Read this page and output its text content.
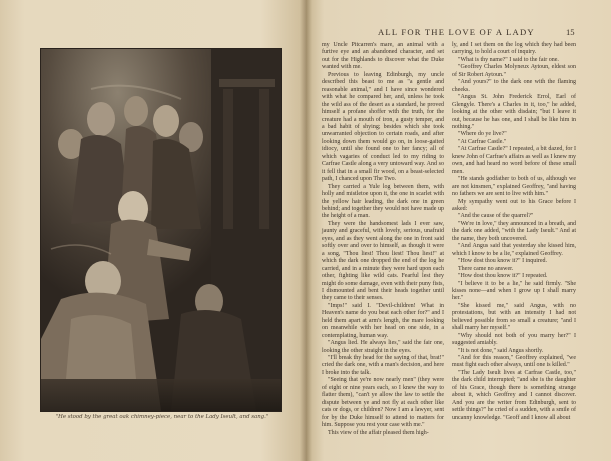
"He stood by the great oak chimney-piece, near to the Lady Iseult, and sang."
ALL FOR THE LOVE OF A LADY	15

my Uncle Pitcarren's mare, an animal with a furtive eye and an abandoned character, and set out for the Highlands to discover what the Duke wanted with me.

Previous to leaving Edinburgh, my uncle described this beast to me as "a gentle and reasonable animal," and I have since wondered with what he compared her, and, unless he took the wild ass of the desert as a standard, he proved himself a profane shoffer with the truth, for the creature had a mouth of iron, a gusty temper, and a bad habit of shying; besides which she took unwarranted objection to certain roads, and after looking down them would go on, in loose-gaited idiocy, until she found one to her fancy; all of which vagaries of conduct led to my riding to Carfrae Castle along a very untoward way. And so it fell that in a small fir wood, on a beast-selected path, I chanced upon The Two.

They carried a Yule log between them, with holly and mistletoe upon it, the one in scarlet with the yellow hair leading, the dark one in green behind; and together they would not have made up the height of a man.

They were the handsomest lads I ever saw, jaunty and graceful, with lovely, serious, unafraid eyes, and as they went along the one in front said softly over and over to himself, as though it were a song, "Thou liest! Thou liest! Thou liest!" at which the dark one dropped the end of the log he carried, and in a minute they were hard upon each other, fighting like wild cats. Fearful lest they might do some damage, even with their puny fists, I dismounted and bent their heads together until they came to their senses.

"Imps!" said I. "Devil-children! What in Heaven's name do you beat each other for?" and I held them apart at arm's length, the mare looking on meanwhile with her head on one side, in a contemplating, human way.

"Angus lied. He always lies," said the fair one, looking the other straight in the eyes.

"I'll break thy head for the saying of that, brat!" cried the dark one, with a man's decision, and here I broke into the talk.

"Seeing that ye're now nearly men" (they were of eight or nine years each, so I knew the way to flatter them), "can't ye allow the law to settle the dispute between ye and not fly at each other like cats or dogs, or children? Now I am a lawyer, sent for by the Duke himself to attend to matters for him. Suppose you rest your case with me."

This view of the affair pleased them high-

ly, and I set them on the log which they had been carrying, to hold a court of inquiry.

"What is thy name?" I said to the fair one.

"Geoffrey Charles Molyneux Aytoun, eldest son of Sir Robert Aytoun."

"And yours?" to the dark one with the flaming cheeks.

"Angus St. John Frederick Errol, Earl of Glengyle. There's a Charles in it, too," he added, looking at the other with disdain; "but I leave it out, because he has one, and I shall be like him in nothing."

"Where do ye live?"

"At Carfrae Castle."

"At Carfrae Castle?" I repeated, a bit dazed, for I knew John of Carfrae's affairs as well as I knew my own, and had heard no word before of these small men.

"He stands godfather to both of us, although we are not kinsmen," explained Geoffrey, "and having no fathers we are sent to live with him."

My sympathy went out to his Grace before I asked:

"And the cause of the quarrel?"

"We're in love," they announced in a breath, and the dark one added, "with the Lady Iseult." And at the name, they both uncovered.

"And Angus said that yesterday she kissed him, which I know to be a lie," explained Geoffrey.

"How dost thou know it?" I inquired.

There came no answer.

"How dost thou know it?" I repeated.

"I believe it to be a lie," he said firmly. "She kisses none—and when I grow up I shall marry her."

"She kissed me," said Angus, with no protestations, but with an intensity I had not believed possible from so small a creature; "and I shall marry her myself."

"Why should not both of you marry her?" I suggested amiably.

"It is not done," said Angus shortly.

"And for this reason," Geoffrey explained, "we must fight each other always, until one is killed."

"The Lady Iseult lives at Carfrae Castle, too," the dark child interrupted; "and she is the daughter of his Grace, though there is something strange about it, which Geoffrey and I cannot discover. And you are the writer from Edinburgh, sent to settle things?" he cried of a sudden, with a smile of uncanny knowledge. "Geoff and I know all about
